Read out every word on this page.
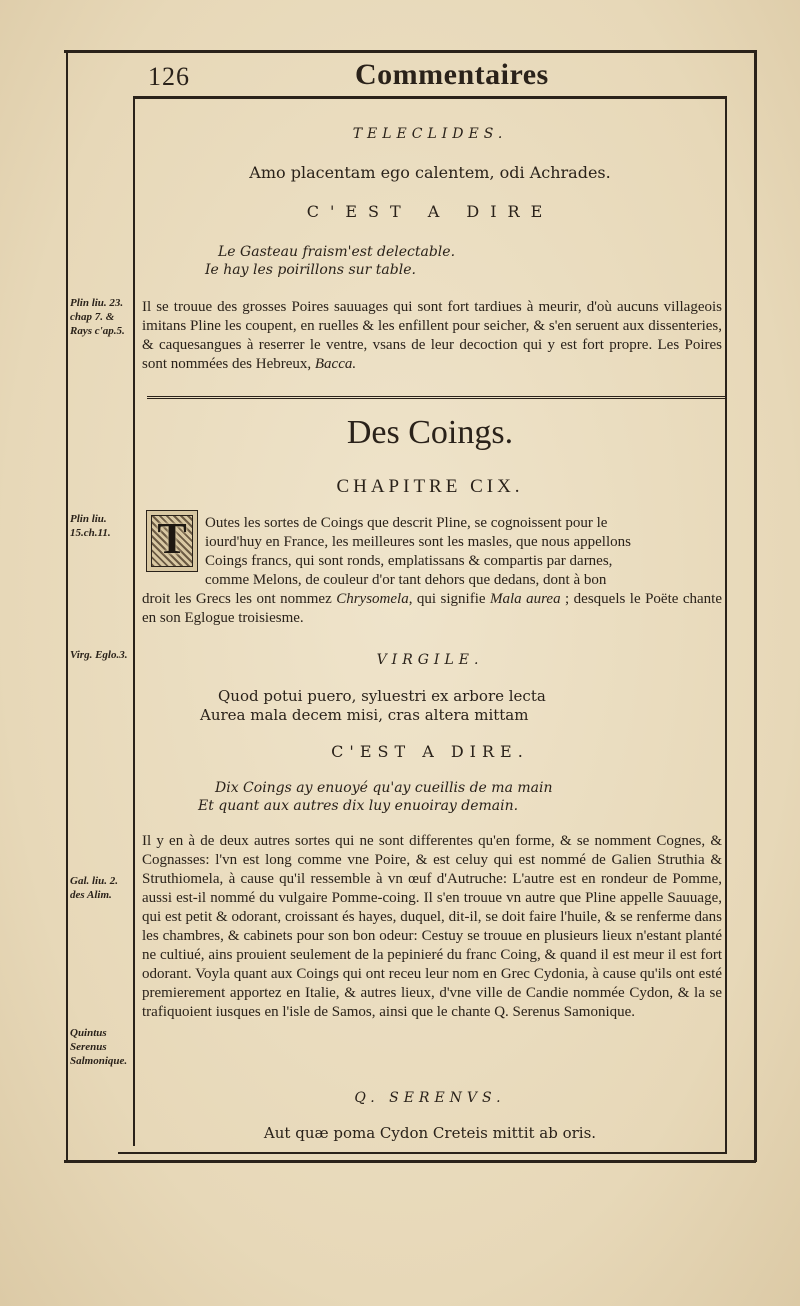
126	Commentaires
TELECLIDES.
Amo placentam ego calentem, odi Achrades.
C'EST A DIRE
Le Gasteau fraism'est delectable.
Ie hay les poirillons sur table.
Il se trouue des grosses Poires sauuages qui sont fort tardiues à meurir, d'où aucuns villageois imitans Pline les coupent, en ruelles & les enfillent pour seicher, & s'en seruent aux dissenteries, & caquesangues à reserrer le ventre, vsans de leur decoction qui y est fort propre. Les Poires sont nommées des Hebreux, Bacca.
Des Coings.
CHAPITRE CIX.
T	Outes les sortes de Coings que descrit Pline, se cognoissent pour le
iourd'huy en France, les meilleures sont les masles, que nous appellons
Coings francs, qui sont ronds, emplatissans & compartis par darnes,
comme Melons, de couleur d'or tant dehors que dedans, dont à bon
droit les Grecs les ont nommez Chrysomela, qui signifie Mala aurea ; desquels le Poëte chante en son Eglogue troisiesme.
VIRGILE.
Quod potui puero, syluestri ex arbore lecta
Aurea mala decem misi, cras altera mittam
C'EST A DIRE.
Dix Coings ay enuoyé qu'ay cueillis de ma main
Et quant aux autres dix luy enuoiray demain.
Il y en à de deux autres sortes qui ne sont differentes qu'en forme, & se nomment Cognes, & Cognasses: l'vn est long comme vne Poire, & est celuy qui est nommé de Galien Struthia & Struthiomela, à cause qu'il ressemble à vn œuf d'Autruche: L'autre est en rondeur de Pomme, aussi est-il nommé du vulgaire Pomme-coing. Il s'en trouue vn autre que Pline appelle Sauuage, qui est petit & odorant, croissant és hayes, duquel, dit-il, se doit faire l'huile, & se renferme dans les chambres, & cabinets pour son bon odeur: Cestuy se trouue en plusieurs lieux n'estant planté ne cultiué, ains prouient seulement de la pepinieré du franc Coing, & quand il est meur il est fort odorant. Voyla quant aux Coings qui ont receu leur nom en Grec Cydonia, à cause qu'ils ont esté premierement apportez en Italie, & autres lieux, d'vne ville de Candie nommée Cydon, & la se trafiquoient iusques en l'isle de Samos, ainsi que le chante Q. Serenus Samonique.
Q. SERENVS.
Aut quæ poma Cydon Creteis mittit ab oris.
Plin liu. 23. chap 7. & Rays c'ap.5.
Plin liu. 15.ch.11.
Virg. Eglo.3.
Gal. liu. 2. des Alim.
Quintus Serenus Salmonique.
